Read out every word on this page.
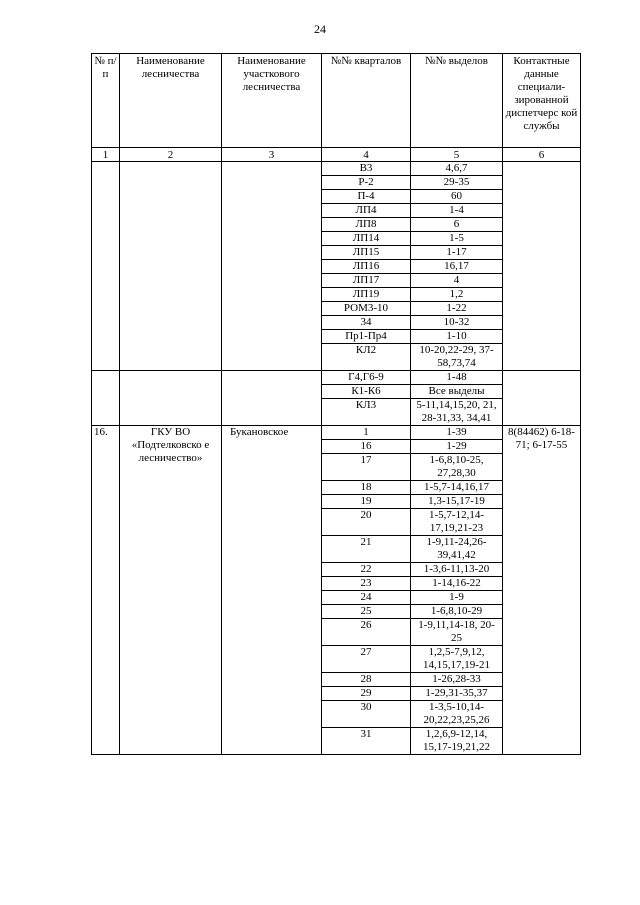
24
№ п/п	Наименование лесничества	Наименование участкового лесничества	№№ кварталов	№№ выделов	Контактные данные специали-зированной диспетчерс кой службы
1	2	3	4	5	6
			В3	4,6,7	
			Р-2	29-35	
			П-4	60	
			ЛП4	1-4	
			ЛП8	6	
			ЛП14	1-5	
			ЛП15	1-17	
			ЛП16	16,17	
			ЛП17	4	
			ЛП19	1,2	
			РОМ3-10	1-22	
			34	10-32	
			Пр1-Пр4	1-10	
			КЛ2	10-20,22-29, 37-58,73,74	
			Г4,Г6-9	1-48	
			К1-К6	Все выделы	
			КЛ3	5-11,14,15,20, 21, 28-31,33, 34,41	
16.	ГКУ ВО «Подтелковско е лесничество»	Букановское	1	1-39	8(84462) 6-18-71; 6-17-55
			16	1-29	
			17	1-6,8,10-25, 27,28,30	
			18	1-5,7-14,16,17	
			19	1,3-15,17-19	
			20	1-5,7-12,14-17,19,21-23	
			21	1-9,11-24,26-39,41,42	
			22	1-3,6-11,13-20	
			23	1-14,16-22	
			24	1-9	
			25	1-6,8,10-29	
			26	1-9,11,14-18, 20-25	
			27	1,2,5-7,9,12, 14,15,17,19-21	
			28	1-26,28-33	
			29	1-29,31-35,37	
			30	1-3,5-10,14-20,22,23,25,26	
			31	1,2,6,9-12,14, 15,17-19,21,22	
